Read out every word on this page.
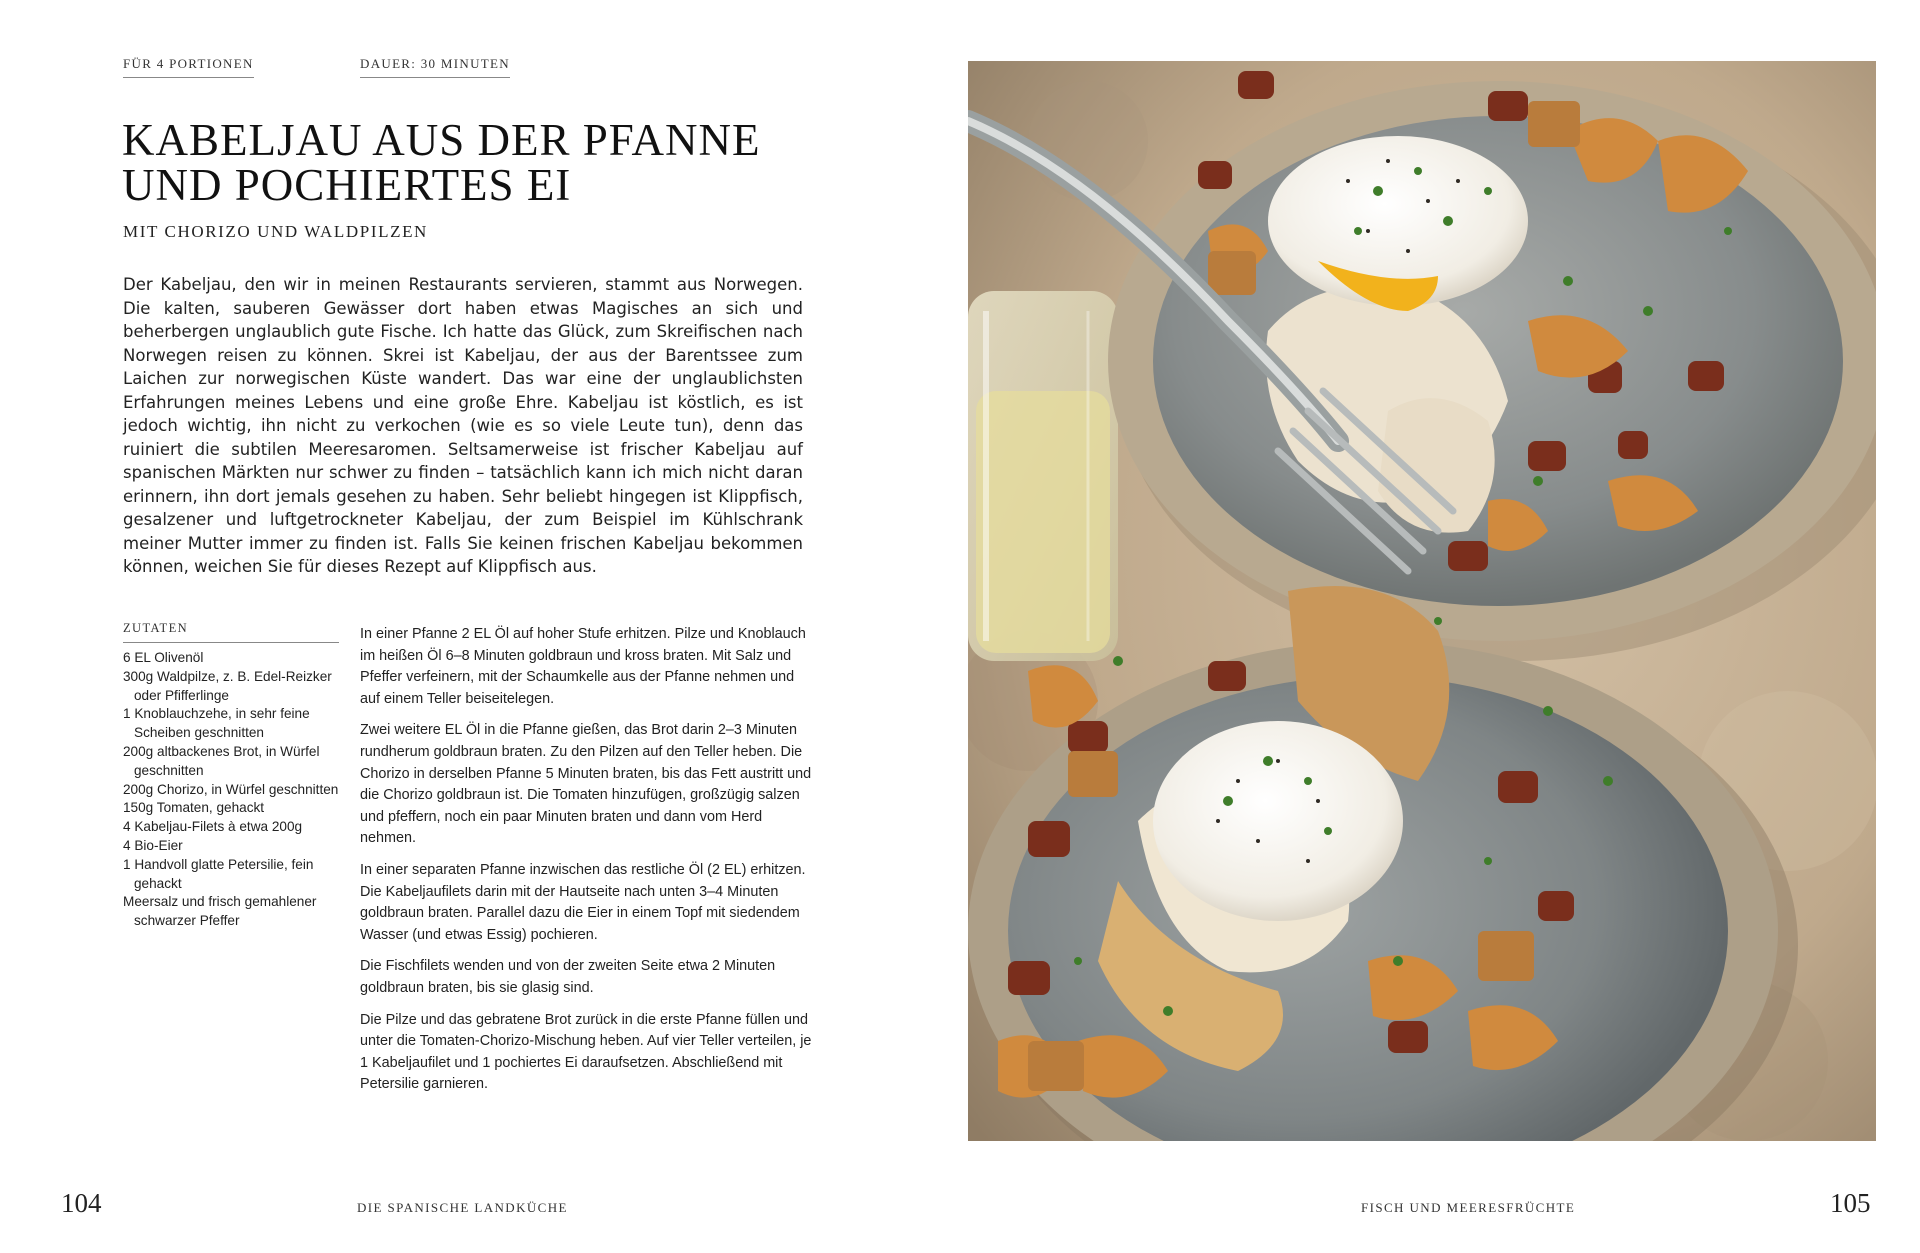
FÜR 4 PORTIONEN	DAUER: 30 MINUTEN
KABELJAU AUS DER PFANNE UND POCHIERTES EI
MIT CHORIZO UND WALDPILZEN

Der Kabeljau, den wir in meinen Restaurants servieren, stammt aus Norwegen. Die kalten, sauberen Gewässer dort haben etwas Magisches an sich und beherbergen unglaublich gute Fische. Ich hatte das Glück, zum Skreifischen nach Norwegen reisen zu können. Skrei ist Kabeljau, der aus der Barentssee zum Laichen zur norwegischen Küste wandert. Das war eine der unglaublichsten Erfahrungen meines Lebens und eine große Ehre. Kabeljau ist köstlich, es ist jedoch wichtig, ihn nicht zu verkochen (wie es so viele Leute tun), denn das ruiniert die subtilen Meeresaromen. Seltsamerweise ist frischer Kabeljau auf spanischen Märkten nur schwer zu finden – tatsächlich kann ich mich nicht daran erinnern, ihn dort jemals gesehen zu haben. Sehr beliebt hingegen ist Klippfisch, gesalzener und luftgetrockneter Kabeljau, der zum Beispiel im Kühlschrank meiner Mutter immer zu finden ist. Falls Sie keinen frischen Kabeljau bekommen können, weichen Sie für dieses Rezept auf Klippfisch aus.

ZUTATEN
6 EL Olivenöl
300g Waldpilze, z. B. Edel-Reizker oder Pfifferlinge
1 Knoblauchzehe, in sehr feine Scheiben geschnitten
200g altbackenes Brot, in Würfel geschnitten
200g Chorizo, in Würfel geschnitten
150g Tomaten, gehackt
4 Kabeljau-Filets à etwa 200g
4 Bio-Eier
1 Handvoll glatte Petersilie, fein gehackt
Meersalz und frisch gemahlener schwarzer Pfeffer

In einer Pfanne 2 EL Öl auf hoher Stufe erhitzen. Pilze und Knoblauch im heißen Öl 6–8 Minuten goldbraun und kross braten. Mit Salz und Pfeffer verfeinern, mit der Schaumkelle aus der Pfanne nehmen und auf einem Teller beiseitelegen.

Zwei weitere EL Öl in die Pfanne gießen, das Brot darin 2–3 Minuten rundherum goldbraun braten. Zu den Pilzen auf den Teller heben. Die Chorizo in derselben Pfanne 5 Minuten braten, bis das Fett austritt und die Chorizo goldbraun ist. Die Tomaten hinzufügen, großzügig salzen und pfeffern, noch ein paar Minuten braten und dann vom Herd nehmen.

In einer separaten Pfanne inzwischen das restliche Öl (2 EL) erhitzen. Die Kabeljaufilets darin mit der Hautseite nach unten 3–4 Minuten goldbraun braten. Parallel dazu die Eier in einem Topf mit siedendem Wasser (und etwas Essig) pochieren.

Die Fischfilets wenden und von der zweiten Seite etwa 2 Minuten goldbraun braten, bis sie glasig sind.

Die Pilze und das gebratene Brot zurück in die erste Pfanne füllen und unter die Tomaten-Chorizo-Mischung heben. Auf vier Teller verteilen, je 1 Kabeljaufilet und 1 pochiertes Ei daraufsetzen. Abschließend mit Petersilie garnieren.

104	DIE SPANISCHE LANDKÜCHE	FISCH UND MEERESFRÜCHTE	105
